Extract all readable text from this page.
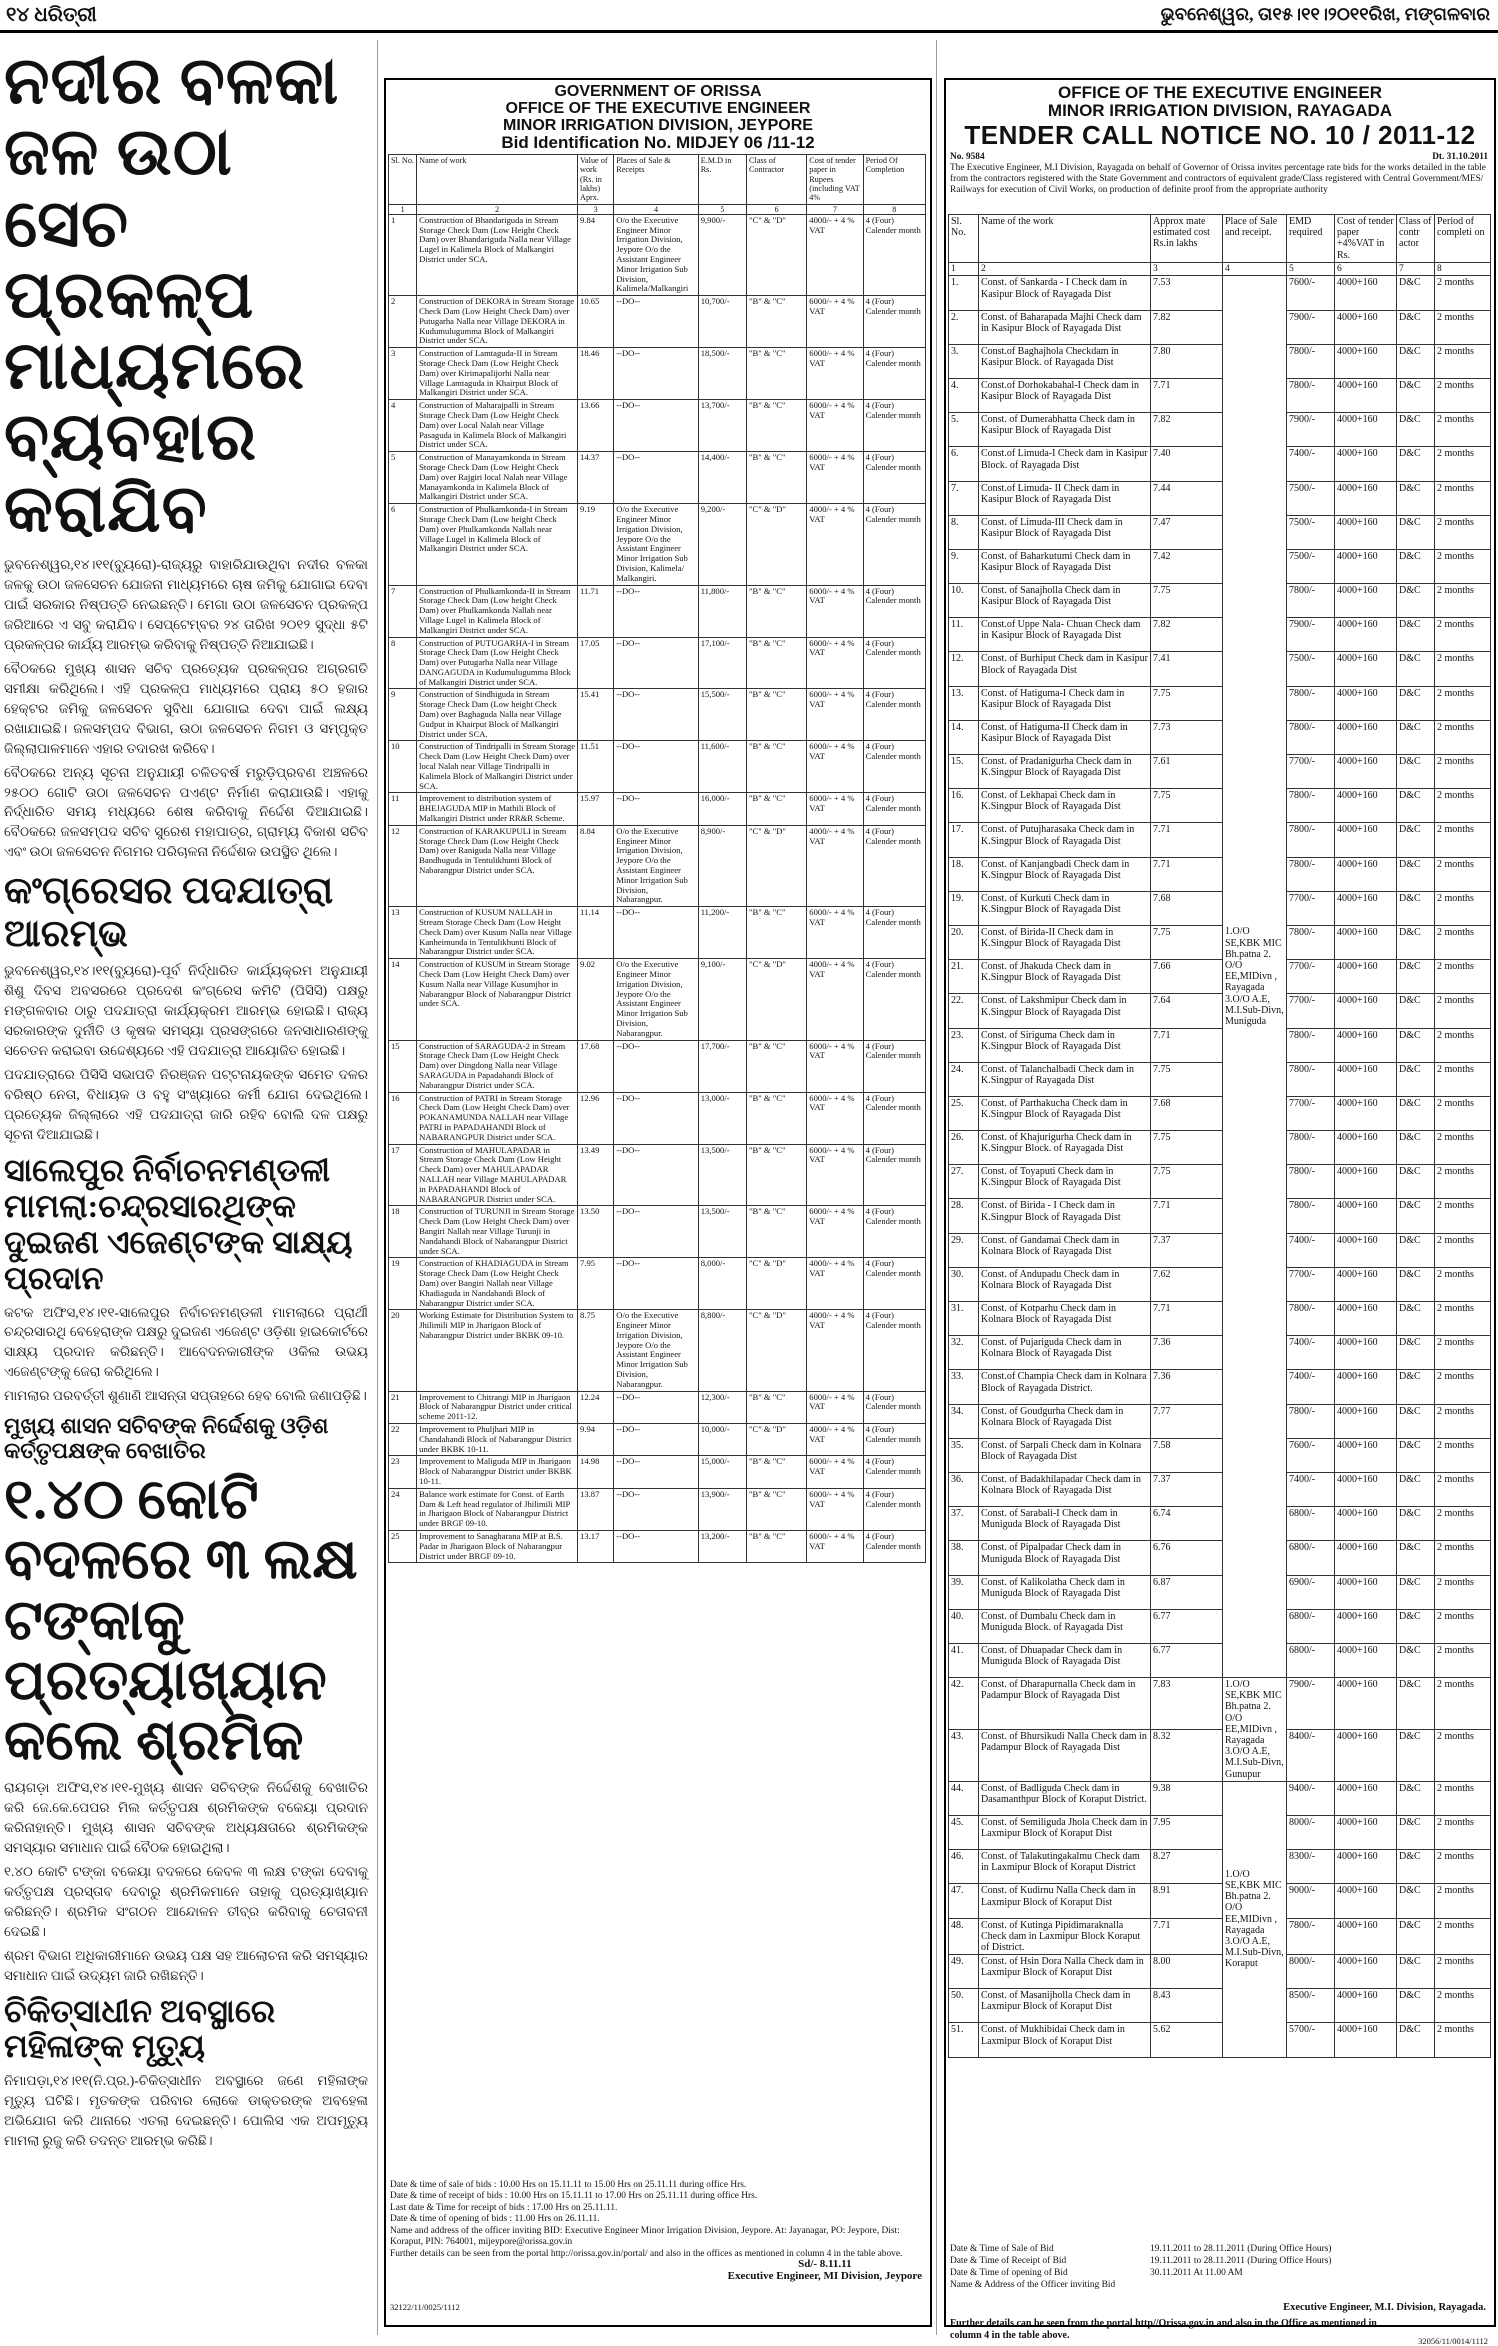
୧୪ ଧରିତ୍ରୀ	ଭୁବନେଶ୍ୱର, ତା୧୫।୧୧।୨୦୧୧ରିଖ, ମଙ୍ଗଳବାର
ନଦୀର ବଳକା ଜଳ ଉଠା ସେଚ ପ୍ରକଳ୍ପ ମାଧ୍ୟମରେ ବ୍ୟବହାର କରାଯିବ

ଭୁବନେଶ୍ୱର,୧୪।୧୧(ବ୍ୟୁରୋ)-ରାଜ୍ୟରୁ ବାହାରିଯାଉଥିବା ନଦୀର ବଳକା ଜଳକୁ ଉଠା ଜଳସେଚନ ଯୋଜନା ମାଧ୍ୟମରେ ଚାଷ ଜମିକୁ ଯୋଗାଇ ଦେବା ପାଇଁ ସରକାର ନିଷ୍ପତ୍ତି ନେଇଛନ୍ତି। ମେଗା ଉଠା ଜଳସେଚନ ପ୍ରକଳ୍ପ ଜରିଆରେ ଏ ସବୁ କରାଯିବ। ସେପ୍ଟେମ୍ବର ୨୪ ତାରିଖ ୨୦୧୨ ସୁଦ୍ଧା ୫ଟି ପ୍ରକଳ୍ପର କାର୍ଯ୍ୟ ଆରମ୍ଭ କରିବାକୁ ନିଷ୍ପତ୍ତି ନିଆଯାଇଛି।

ବୈଠକରେ ମୁଖ୍ୟ ଶାସନ ସଚିବ ପ୍ରତ୍ୟେକ ପ୍ରକଳ୍ପର ଅଗ୍ରଗତି ସମୀକ୍ଷା କରିଥିଲେ। ଏହି ପ୍ରକଳ୍ପ ମାଧ୍ୟମରେ ପ୍ରାୟ ୫୦ ହଜାର ହେକ୍ଟର ଜମିକୁ ଜଳସେଚନ ସୁବିଧା ଯୋଗାଇ ଦେବା ପାଇଁ ଲକ୍ଷ୍ୟ ରଖାଯାଇଛି। ଜଳସମ୍ପଦ ବିଭାଗ, ଉଠା ଜଳସେଚନ ନିଗମ ଓ ସମ୍ପୃକ୍ତ ଜିଲ୍ଲାପାଳମାନେ ଏହାର ତଦାରଖ କରିବେ।

ବୈଠକରେ ଅନ୍ୟ ସୂଚନା ଅନୁଯାୟୀ ଚଳିତବର୍ଷ ମରୁଡ଼ିପ୍ରବଣ ଅଞ୍ଚଳରେ ୨୫୦୦ ଗୋଟି ଉଠା ଜଳସେଚନ ପଏଣ୍ଟ ନିର୍ମାଣ କରାଯାଉଛି। ଏହାକୁ ନିର୍ଦ୍ଧାରିତ ସମୟ ମଧ୍ୟରେ ଶେଷ କରିବାକୁ ନିର୍ଦ୍ଦେଶ ଦିଆଯାଇଛି। ବୈଠକରେ ଜଳସମ୍ପଦ ସଚିବ ସୁରେଶ ମହାପାତ୍ର, ଗ୍ରାମ୍ୟ ବିକାଶ ସଚିବ ଏବଂ ଉଠା ଜଳସେଚନ ନିଗମର ପରିଚାଳନା ନିର୍ଦ୍ଦେଶକ ଉପସ୍ଥିତ ଥିଲେ।

କଂଗ୍ରେସର ପଦଯାତ୍ରା ଆରମ୍ଭ

ଭୁବନେଶ୍ୱର,୧୪।୧୧(ବ୍ୟୁରୋ)-ପୂର୍ବ ନିର୍ଦ୍ଧାରିତ କାର୍ଯ୍ୟକ୍ରମ ଅନୁଯାୟୀ ଶିଶୁ ଦିବସ ଅବସରରେ ପ୍ରଦେଶ କଂଗ୍ରେସ କମିଟି (ପିସିସି) ପକ୍ଷରୁ ମଙ୍ଗଳବାର ଠାରୁ ପଦଯାତ୍ରା କାର୍ଯ୍ୟକ୍ରମ ଆରମ୍ଭ ହୋଇଛି। ରାଜ୍ୟ ସରକାରଙ୍କ ଦୁର୍ନୀତି ଓ କୃଷକ ସମସ୍ୟା ପ୍ରସଙ୍ଗରେ ଜନସାଧାରଣଙ୍କୁ ସଚେତନ କରାଇବା ଉଦ୍ଦେଶ୍ୟରେ ଏହି ପଦଯାତ୍ରା ଆୟୋଜିତ ହୋଇଛି।

ପଦଯାତ୍ରାରେ ପିସିସି ସଭାପତି ନିରଞ୍ଜନ ପଟ୍ଟନାୟକଙ୍କ ସମେତ ଦଳର ବରିଷ୍ଠ ନେତା, ବିଧାୟକ ଓ ବହୁ ସଂଖ୍ୟାରେ କର୍ମୀ ଯୋଗ ଦେଇଥିଲେ। ପ୍ରତ୍ୟେକ ଜିଲ୍ଲାରେ ଏହି ପଦଯାତ୍ରା ଜାରି ରହିବ ବୋଲି ଦଳ ପକ୍ଷରୁ ସୂଚନା ଦିଆଯାଇଛି।

ସାଲେପୁର ନିର୍ବାଚନମଣ୍ଡଳୀ ମାମଲା:ଚନ୍ଦ୍ରସାରଥିଙ୍କ ଦୁଇଜଣ ଏଜେଣ୍ଟଙ୍କ ସାକ୍ଷ୍ୟ ପ୍ରଦାନ

କଟକ ଅଫିସ,୧୪।୧୧-ସାଲେପୁର ନିର୍ବାଚନମଣ୍ଡଳୀ ମାମଲାରେ ପ୍ରାର୍ଥୀ ଚନ୍ଦ୍ରସାରଥି ବେହେରାଙ୍କ ପକ୍ଷରୁ ଦୁଇଜଣ ଏଜେଣ୍ଟ ଓଡ଼ିଶା ହାଇକୋର୍ଟରେ ସାକ୍ଷ୍ୟ ପ୍ରଦାନ କରିଛନ୍ତି। ଆବେଦନକାରୀଙ୍କ ଓକିଲ ଉଭୟ ଏଜେଣ୍ଟଙ୍କୁ ଜେରା କରିଥିଲେ।

ମାମଲାର ପରବର୍ତ୍ତୀ ଶୁଣାଣି ଆସନ୍ତା ସପ୍ତାହରେ ହେବ ବୋଲି ଜଣାପଡ଼ିଛି।

ମୁଖ୍ୟ ଶାସନ ସଚିବଙ୍କ ନିର୍ଦ୍ଦେଶକୁ ଓଡ଼ିଶ କର୍ତ୍ତୃପକ୍ଷଙ୍କ ବେଖାତିର
୧.୪୦ କୋଟି ବଦଳରେ ୩ ଲକ୍ଷ ଟଙ୍କାକୁ ପ୍ରତ୍ୟାଖ୍ୟାନ କଲେ ଶ୍ରମିକ

ରାୟଗଡ଼ା ଅଫିସ,୧୪।୧୧-ମୁଖ୍ୟ ଶାସନ ସଚିବଙ୍କ ନିର୍ଦ୍ଦେଶକୁ ବେଖାତିର କରି ଜେ.କେ.ପେପର ମିଲ କର୍ତ୍ତୃପକ୍ଷ ଶ୍ରମିକଙ୍କ ବକେୟା ପ୍ରଦାନ କରିନାହାନ୍ତି। ମୁଖ୍ୟ ଶାସନ ସଚିବଙ୍କ ଅଧ୍ୟକ୍ଷତାରେ ଶ୍ରମିକଙ୍କ ସମସ୍ୟାର ସମାଧାନ ପାଇଁ ବୈଠକ ହୋଇଥିଲା।

୧.୪୦ କୋଟି ଟଙ୍କା ବକେୟା ବଦଳରେ କେବଳ ୩ ଲକ୍ଷ ଟଙ୍କା ଦେବାକୁ କର୍ତ୍ତୃପକ୍ଷ ପ୍ରସ୍ତାବ ଦେବାରୁ ଶ୍ରମିକମାନେ ତାହାକୁ ପ୍ରତ୍ୟାଖ୍ୟାନ କରିଛନ୍ତି। ଶ୍ରମିକ ସଂଗଠନ ଆନ୍ଦୋଳନ ତୀବ୍ର କରିବାକୁ ଚେତାବନୀ ଦେଇଛି।

ଶ୍ରମ ବିଭାଗ ଅଧିକାରୀମାନେ ଉଭୟ ପକ୍ଷ ସହ ଆଲୋଚନା କରି ସମସ୍ୟାର ସମାଧାନ ପାଇଁ ଉଦ୍ୟମ ଜାରି ରଖିଛନ୍ତି।

ଚିକିତ୍ସାଧୀନ ଅବସ୍ଥାରେ ମହିଳାଙ୍କ ମୃତ୍ୟୁ

ନିମାପଡ଼ା,୧୪।୧୧(ନି.ପ୍ର.)-ଚିକିତ୍ସାଧୀନ ଅବସ୍ଥାରେ ଜଣେ ମହିଳାଙ୍କ ମୃତ୍ୟୁ ଘଟିଛି। ମୃତକଙ୍କ ପରିବାର ଲୋକେ ଡାକ୍ତରଙ୍କ ଅବହେଳା ଅଭିଯୋଗ କରି ଥାନାରେ ଏତଲା ଦେଇଛନ୍ତି। ପୋଲିସ ଏକ ଅପମୃତ୍ୟୁ ମାମଲା ରୁଜୁ କରି ତଦନ୍ତ ଆରମ୍ଭ କରିଛି।

GOVERNMENT OF ORISSA
OFFICE OF THE EXECUTIVE ENGINEER
MINOR IRRIGATION DIVISION, JEYPORE
Bid Identification No. MIDJEY 06 /11-12
Sl. No.	Name of work	Value of work (Rs. in lakhs) Aprx.	Places of Sale & Receipts	E.M.D in Rs.	Class of Contractor	Cost of tender paper in Rupees (including VAT 4%	Period Of Completion
1	2	3	4	5	6	7	8
1	Construction of Bhandariguda in Stream Storage Check Dam (Low Height Check Dam) over Bhandariguda Nalla near Village Lugel in Kalimela Block of Malkangiri District under SCA.	9.84	O/o the Executive Engineer Minor Irrigation Division, Jeypore O/o the Assistant Engineer Minor Irrigation Sub Division, Kalimela/Malkangiri	9,900/-	"C" & "D"	4000/- + 4 % VAT	4 (Four) Calender month
2	Construction of DEKORA in Stream Storage Check Dam (Low Height Check Dam) over Putugarha Nalla near Village DEKORA in Kudumulugumma Block of Malkangiri District under SCA.	10.65	--DO--	10,700/-	"B" & "C"	6000/- + 4 % VAT	4 (Four) Calender month
3	Construction of Lamtaguda-II in Stream Storage Check Dam (Low Height Check Dam) over Kirimapalijorhi Nalla near Village Lamtaguda in Khairput Block of Malkangiri District under SCA.	18.46	--DO--	18,500/-	"B" & "C"	6000/- + 4 % VAT	4 (Four) Calender month
4	Construction of Maharajpalli in Stream Storage Check Dam (Low Height Check Dam) over Local Nalah near Village Pasaguda in Kalimela Block of Malkangiri District under SCA.	13.66	--DO--	13,700/-	"B" & "C"	6000/- + 4 % VAT	4 (Four) Calender month
5	Construction of Manayamkonda in Stream Storage Check Dam (Low Height Check Dam) over Rajgiri local Nalah near Village Manayamkonda in Kalimela Block of Malkangiri District under SCA.	14.37	--DO--	14,400/-	"B" & "C"	6000/- + 4 % VAT	4 (Four) Calender month
6	Construction of Phulkamkonda-I in Stream Storage Check Dam (Low height Check Dam) over Phulkamkonda Nallah near Village Lugel in Kalimela Block of Malkangiri District under SCA.	9.19	O/o the Executive Engineer Minor Irrigation Division, Jeypore O/o the Assistant Engineer Minor Irrigation Sub Division, Kalimela/ Malkangiri.	9,200/-	"C" & "D"	4000/- + 4 % VAT	4 (Four) Calender month
7	Construction of Phulkamkonda-II in Stream Storage Check Dam (Low height Check Dam) over Phulkamkonda Nallah near Village Lugel in Kalimela Block of Malkangiri District under SCA.	11.71	--DO--	11,800/-	"B" & "C"	6000/- + 4 % VAT	4 (Four) Calender month
8	Construction of PUTUGARHA-I in Stream Storage Check Dam (Low Height Check Dam) over Putugarha Nalla near Village DANGAGUDA in Kudumulugumma Block of Malkangiri District under SCA.	17.05	--DO--	17,100/-	"B" & "C"	6000/- + 4 % VAT	4 (Four) Calender month
9	Construction of Sindhiguda in Stream Storage Check Dam (Low height Check Dam) over Baghaguda Nalla near Village Gudput in Khairput Block of Malkangiri District under SCA.	15.41	--DO--	15,500/-	"B" & "C"	6000/- + 4 % VAT	4 (Four) Calender month
10	Construction of Tindripalli in Stream Storage Check Dam (Low Height Check Dam) over local Nalah near Village Tindripalli in Kalimela Block of Malkangiri District under SCA.	11.51	--DO--	11,600/-	"B" & "C"	6000/- + 4 % VAT	4 (Four) Calender month
11	Improvement to distribution system of BHEJAGUDA MIP in Mathili Block of Malkangiri District under RR&R Scheme.	15.97	--DO--	16,000/-	"B" & "C"	6000/- + 4 % VAT	4 (Four) Calender month
12	Construction of KARAKUPULI in Stream Storage Check Dam (Low Height Check Dam) over Raniguda Nalla near Village Bandhuguda in Tentulikhunti Block of Nabarangpur District under SCA.	8.84	O/o the Executive Engineer Minor Irrigation Division, Jeypore O/o the Assistant Engineer Minor Irrigation Sub Division, Nabarangpur.	8,900/-	"C" & "D"	4000/- + 4 % VAT	4 (Four) Calender month
13	Construction of KUSUM NALLAH in Stream Storage Check Dam (Low Height Check Dam) over Kusum Nalla near Village Kanheimunda in Tentulikhunti Block of Nabarangpur District under SCA.	11.14	--DO--	11,200/-	"B" & "C"	6000/- + 4 % VAT	4 (Four) Calender month
14	Construction of KUSUM in Stream Storage Check Dam (Low Height Check Dam) over Kusum Nalla near Village Kusumjhor in Nabarangpur Block of Nabarangpur District under SCA.	9.02	O/o the Executive Engineer Minor Irrigation Division, Jeypore O/o the Assistant Engineer Minor Irrigation Sub Division, Nabarangpur.	9,100/-	"C" & "D"	4000/- + 4 % VAT	4 (Four) Calender month
15	Construction of SARAGUDA-2 in Stream Storage Check Dam (Low Height Check Dam) over Dingdong Nalla near Village SARAGUDA in Papadahandi Block of Nabarangpur District under SCA.	17.68	--DO--	17,700/-	"B" & "C"	6000/- + 4 % VAT	4 (Four) Calender month
16	Construction of PATRI in Stream Storage Check Dam (Low Height Check Dam) over POKANAMUNDA NALLAH near Village PATRI in PAPADAHANDI Block of NABARANGPUR District under SCA.	12.96	--DO--	13,000/-	"B" & "C"	6000/- + 4 % VAT	4 (Four) Calender month
17	Construction of MAHULAPADAR in Stream Storage Check Dam (Low Height Check Dam) over MAHULAPADAR NALLAH near Village MAHULAPADAR in PAPADAHANDI Block of NABARANGPUR District under SCA.	13.49	--DO--	13,500/-	"B" & "C"	6000/- + 4 % VAT	4 (Four) Calender month
18	Construction of TURUNJI in Stream Storage Check Dam (Low Height Check Dam) over Bangiri Nallah near Village Turunji in Nandahandi Block of Nabarangpur District under SCA.	13.50	--DO--	13,500/-	"B" & "C"	6000/- + 4 % VAT	4 (Four) Calender month
19	Construction of KHADIAGUDA in Stream Storage Check Dam (Low Height Check Dam) over Bangiri Nallah near Village Khadiaguda in Nandahandi Block of Nabarangpur District under SCA.	7.95	--DO--	8,000/-	"C" & "D"	4000/- + 4 % VAT	4 (Four) Calender month
20	Working Estimate for Distribution System to Jhilimili MIP in Jharigaon Block of Nabarangpur District under BKBK 09-10.	8.75	O/o the Executive Engineer Minor Irrigation Division, Jeypore O/o the Assistant Engineer Minor Irrigation Sub Division, Nabarangpur.	8,800/-	"C" & "D"	4000/- + 4 % VAT	4 (Four) Calender month
21	Improvement to Chitrangi MIP in Jharigaon Block of Nabarangpur District under critical scheme 2011-12.	12.24	--DO--	12,300/-	"B" & "C"	6000/- + 4 % VAT	4 (Four) Calender month
22	Improvement to Phuljhari MIP in Chandahandi Block of Nabarangpur District under BKBK 10-11.	9.94	--DO--	10,000/-	"C" & "D"	4000/- + 4 % VAT	4 (Four) Calender month
23	Improvement to Maliguda MIP in Jharigaon Block of Nabarangpur District under BKBK 10-11.	14.98	--DO--	15,000/-	"B" & "C"	6000/- + 4 % VAT	4 (Four) Calender month
24	Balance work estimate for Const. of Earth Dam & Left head regulator of Jhilimili MIP in Jharigaon Block of Nabarangpur District under BRGF 09-10.	13.87	--DO--	13,900/-	"B" & "C"	6000/- + 4 % VAT	4 (Four) Calender month
25	Improvement to Sanagharana MIP at B.S. Padar in Jharigaon Block of Nabarangpur District under BRGF 09-10.	13.17	--DO--	13,200/-	"B" & "C"	6000/- + 4 % VAT	4 (Four) Calender month
Date & time of sale of bids : 10.00 Hrs on 15.11.11 to 15.00 Hrs on 25.11.11 during office Hrs.
Date & time of receipt of bids : 10.00 Hrs on 15.11.11 to 17.00 Hrs on 25.11.11 during office Hrs.
Last date & Time for receipt of bids : 17.00 Hrs on 25.11.11.
Date & time of opening of bids : 11.00 Hrs on 26.11.11.
Name and address of the officer inviting BID: Executive Engineer Minor Irrigation Division, Jeypore. At: Jayanagar, PO: Jeypore, Dist: Koraput, PIN: 764001, mijeypore@orissa.gov.in
Further details can be seen from the portal http://orissa.gov.in/portal/ and also in the offices as mentioned in column 4 in the table above.
Sd/- 8.11.11
Executive Engineer, MI Division, Jeypore
32122/11/0025/1112
OFFICE OF THE EXECUTIVE ENGINEER
MINOR IRRIGATION DIVISION, RAYAGADA
TENDER CALL NOTICE NO. 10 / 2011-12
No. 9584	Dt. 31.10.2011
The Executive Engineer, M.I Division, Rayagada on behalf of Governor of Orissa invites percentage rate bids for the works detailed in the table from the contractors registered with the State Government and contractors of equivalent grade/Class registered with Central Government/MES/ Railways for execution of Civil Works, on production of definite proof from the appropriate authority
Sl. No.	Name of the work	Approx mate estimated cost Rs.in lakhs	Place of Sale and receipt.	EMD required	Cost of tender paper +4%VAT in Rs.	Class of contr actor	Period of completi on
1	2	3	4	5	6	7	8
1.	Const. of Sankarda - I Check dam in Kasipur Block of Rayagada Dist	7.53	1.O/O SE,KBK MIC Bh.patna 2. O/O EE,MIDivn , Rayagada 3.O/O A.E, M.I.Sub-Divn, Muniguda	7600/-	4000+160	D&C	2 months
2.	Const. of Baharapada Majhi Check dam in Kasipur Block of Rayagada Dist	7.82		7900/-	4000+160	D&C	2 months
3.	Const.of Baghajhola Checkdam in Kasipur Block. of Rayagada Dist	7.80		7800/-	4000+160	D&C	2 months
4.	Const.of Dorhokabahal-I Check dam in Kasipur Block of Rayagada Dist	7.71		7800/-	4000+160	D&C	2 months
5.	Const. of Dumerabhatta Check dam in Kasipur Block of Rayagada Dist	7.82		7900/-	4000+160	D&C	2 months
6.	Const.of Limuda-I Check dam in Kasipur Block. of Rayagada Dist	7.40		7400/-	4000+160	D&C	2 months
7.	Const.of Limuda- II Check dam in Kasipur Block of Rayagada Dist	7.44		7500/-	4000+160	D&C	2 months
8.	Const. of Limuda-III Check dam in Kasipur Block of Rayagada Dist	7.47		7500/-	4000+160	D&C	2 months
9.	Const. of Baharkutumi Check dam in Kasipur Block of Rayagada Dist	7.42		7500/-	4000+160	D&C	2 months
10.	Const. of Sanajholla Check dam in Kasipur Block of Rayagada Dist	7.75		7800/-	4000+160	D&C	2 months
11.	Const.of Uppe Nala- Chuan Check dam in Kasipur Block of Rayagada Dist	7.82		7900/-	4000+160	D&C	2 months
12.	Const. of Burhiput Check dam in Kasipur Block of Rayagada Dist	7.41		7500/-	4000+160	D&C	2 months
13.	Const. of Hatiguma-I Check dam in Kasipur Block of Rayagada Dist	7.75		7800/-	4000+160	D&C	2 months
14.	Const. of Hatiguma-II Check dam in Kasipur Block of Rayagada Dist	7.73		7800/-	4000+160	D&C	2 months
15.	Const. of Pradanigurha Check dam in K.Singpur Block of Rayagada Dist	7.61		7700/-	4000+160	D&C	2 months
16.	Const. of Lekhapai Check dam in K.Singpur Block of Rayagada Dist	7.75		7800/-	4000+160	D&C	2 months
17.	Const. of Putujharasaka Check dam in K.Singpur Block of Rayagada Dist	7.71		7800/-	4000+160	D&C	2 months
18.	Const. of Kanjangbadi Check dam in K.Singpur Block of Rayagada Dist	7.71		7800/-	4000+160	D&C	2 months
19.	Const. of Kurkuti Check dam in K.Singpur Block of Rayagada Dist	7.68		7700/-	4000+160	D&C	2 months
20.	Const. of Birida-II Check dam in K.Singpur Block of Rayagada Dist	7.75		7800/-	4000+160	D&C	2 months
21.	Const. of Jhakuda Check dam in K.Singpur Block of Rayagada Dist	7.66		7700/-	4000+160	D&C	2 months
22.	Const. of Lakshmipur Check dam in K.Singpur Block of Rayagada Dist	7.64		7700/-	4000+160	D&C	2 months
23.	Const. of Siriguma Check dam in K.Singpur Block of Rayagada Dist	7.71		7800/-	4000+160	D&C	2 months
24.	Const. of Talanchalbadi Check dam in K.Singpur of Rayagada Dist	7.75		7800/-	4000+160	D&C	2 months
25.	Const. of Parthakucha Check dam in K.Singpur Block of Rayagada Dist	7.68		7700/-	4000+160	D&C	2 months
26.	Const. of Khajurigurha Check dam in K.Singpur Block. of Rayagada Dist	7.75		7800/-	4000+160	D&C	2 months
27.	Const. of Toyaputi Check dam in K.Singpur Block of Rayagada Dist	7.75		7800/-	4000+160	D&C	2 months
28.	Const. of Birida - I Check dam in K.Singpur Block of Rayagada Dist	7.71		7800/-	4000+160	D&C	2 months
29.	Const. of Gandamai Check dam in Kolnara Block of Rayagada Dist	7.37		7400/-	4000+160	D&C	2 months
30.	Const. of Andupadu Check dam in Kolnara Block of Rayagada Dist	7.62		7700/-	4000+160	D&C	2 months
31.	Const. of Kotparhu Check dam in Kolnara Block of Rayagada Dist	7.71		7800/-	4000+160	D&C	2 months
32.	Const. of Pujariguda Check dam in Kolnara Block of Rayagada Dist	7.36		7400/-	4000+160	D&C	2 months
33.	Const.of Champia Check dam in Kolnara Block of Rayagada District.	7.36		7400/-	4000+160	D&C	2 months
34.	Const. of Goudgurha Check dam in Kolnara Block of Rayagada Dist	7.77		7800/-	4000+160	D&C	2 months
35.	Const. of Sarpali Check dam in Kolnara Block of Rayagada Dist	7.58		7600/-	4000+160	D&C	2 months
36.	Const. of Badakhilapadar Check dam in Kolnara Block of Rayagada Dist	7.37		7400/-	4000+160	D&C	2 months
37.	Const. of Sarabali-I Check dam in Muniguda Block of Rayagada Dist	6.74		6800/-	4000+160	D&C	2 months
38.	Const. of Pipalpadar Check dam in Muniguda Block of Rayagada Dist	6.76		6800/-	4000+160	D&C	2 months
39.	Const. of Kalikolatha Check dam in Muniguda Block of Rayagada Dist	6.87		6900/-	4000+160	D&C	2 months
40.	Const. of Dumbalu Check dam in Muniguda Block. of Rayagada Dist	6.77		6800/-	4000+160	D&C	2 months
41.	Const. of Dhuapadar Check dam in Muniguda Block of Rayagada Dist	6.77		6800/-	4000+160	D&C	2 months
42.	Const. of Dharapurnalla Check dam in Padampur Block of Rayagada Dist	7.83	1.O/O SE,KBK MIC Bh.patna 2. O/O EE,MIDivn , Rayagada 3.O/O A.E, M.I.Sub-Divn, Gunupur	7900/-	4000+160	D&C	2 months
43.	Const. of Bhursikudi Nalla Check dam in Padampur Block of Rayagada Dist	8.32		8400/-	4000+160	D&C	2 months
44.	Const. of Badliguda Check dam in Dasamanthpur Block of Koraput District.	9.38	1.O/O SE,KBK MIC Bh.patna 2. O/O EE,MIDivn , Rayagada 3.O/O A.E, M.I.Sub-Divn, Koraput	9400/-	4000+160	D&C	2 months
45.	Const. of Semiliguda Jhola Check dam in Laxmipur Block of Koraput Dist	7.95		8000/-	4000+160	D&C	2 months
46.	Const. of Talakutingakalmu Check dam in Laxmipur Block of Koraput District	8.27		8300/-	4000+160	D&C	2 months
47.	Const. of Kudirnu Nalla Check dam in Laxmipur Block of Koraput Dist	8.91		9000/-	4000+160	D&C	2 months
48.	Const. of Kutinga Pipidimaraknalla Check dam in Laxmipur Block Koraput of District.	7.71		7800/-	4000+160	D&C	2 months
49.	Const. of Hsin Dora Nalla Check dam in Laxmipur Block of Koraput Dist	8.00		8000/-	4000+160	D&C	2 months
50.	Const. of Masanijholla Check dam in Laxmipur Block of Koraput Dist	8.43		8500/-	4000+160	D&C	2 months
51.	Const. of Mukhibidai Check dam in Laxmipur Block of Koraput Dist	5.62		5700/-	4000+160	D&C	2 months
Date & Time of Sale of Bid	19.11.2011 to 28.11.2011 (During Office Hours)
Date & Time of Receipt of Bid	19.11.2011 to 28.11.2011 (During Office Hours)
Date & Time of opening of Bid	30.11.2011 At 11.00 AM
Name & Address of the Officer inviting Bid
Executive Engineer, M.I. Division, Rayagada.
Further details can be seen from the portal http//Orissa.gov.in and also in the Office as mentioned in column 4 in the table above.	32056/11/0014/1112
